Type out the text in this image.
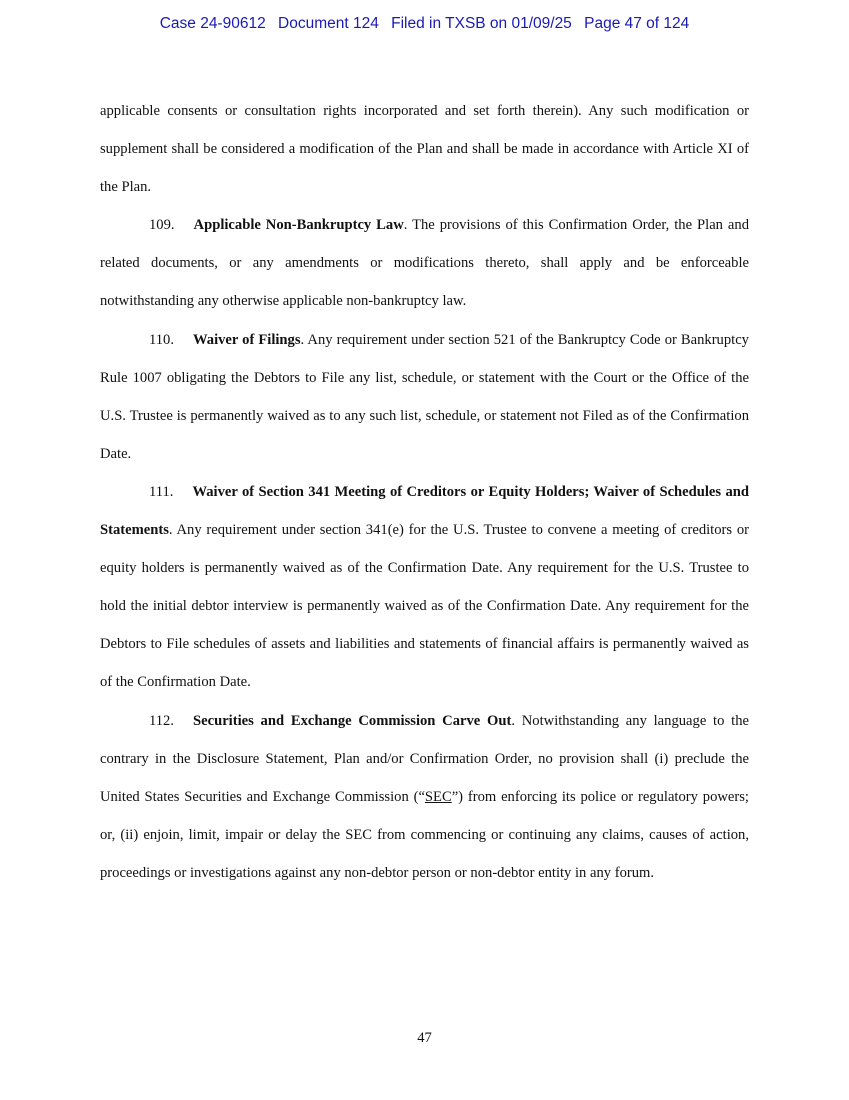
Case 24-90612 Document 124 Filed in TXSB on 01/09/25 Page 47 of 124

applicable consents or consultation rights incorporated and set forth therein). Any such modification or supplement shall be considered a modification of the Plan and shall be made in accordance with Article XI of the Plan.

109. Applicable Non-Bankruptcy Law. The provisions of this Confirmation Order, the Plan and related documents, or any amendments or modifications thereto, shall apply and be enforceable notwithstanding any otherwise applicable non-bankruptcy law.

110. Waiver of Filings. Any requirement under section 521 of the Bankruptcy Code or Bankruptcy Rule 1007 obligating the Debtors to File any list, schedule, or statement with the Court or the Office of the U.S. Trustee is permanently waived as to any such list, schedule, or statement not Filed as of the Confirmation Date.

111. Waiver of Section 341 Meeting of Creditors or Equity Holders; Waiver of Schedules and Statements. Any requirement under section 341(e) for the U.S. Trustee to convene a meeting of creditors or equity holders is permanently waived as of the Confirmation Date. Any requirement for the U.S. Trustee to hold the initial debtor interview is permanently waived as of the Confirmation Date. Any requirement for the Debtors to File schedules of assets and liabilities and statements of financial affairs is permanently waived as of the Confirmation Date.

112. Securities and Exchange Commission Carve Out. Notwithstanding any language to the contrary in the Disclosure Statement, Plan and/or Confirmation Order, no provision shall (i) preclude the United States Securities and Exchange Commission (“SEC”) from enforcing its police or regulatory powers; or, (ii) enjoin, limit, impair or delay the SEC from commencing or continuing any claims, causes of action, proceedings or investigations against any non-debtor person or non-debtor entity in any forum.

47
